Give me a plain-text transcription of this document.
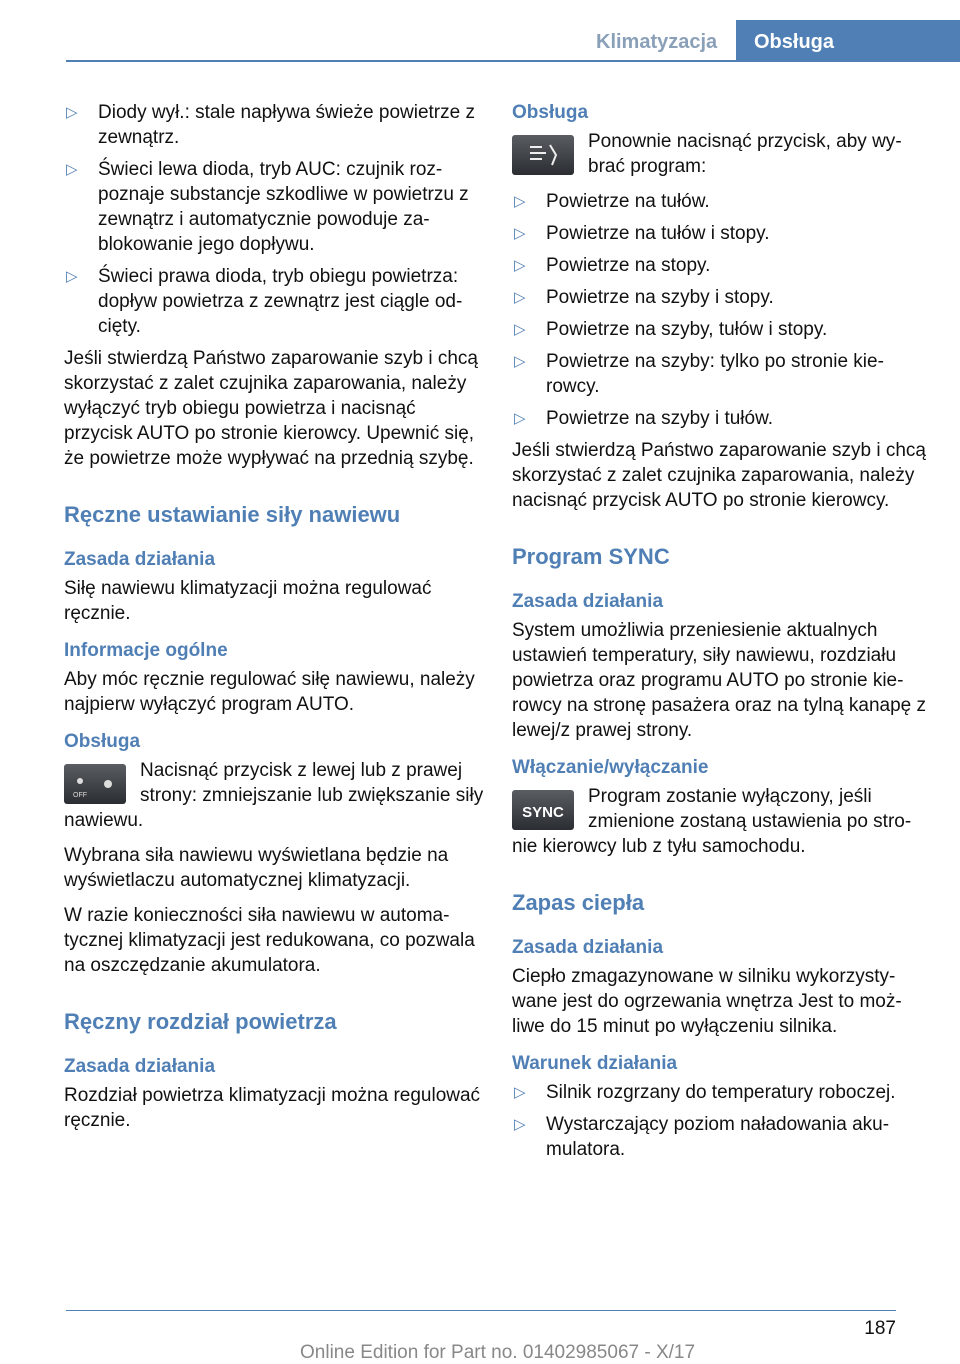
Klimatyzacja	Obsługa
▷ Diody wył.: stale napływa świeże powietrze z zewnątrz.
▷ Świeci lewa dioda, tryb AUC: czujnik rozpoznaje substancje szkodliwe w powietrzu z zewnątrz i automatycznie powoduje zablokowanie jego dopływu.
▷ Świeci prawa dioda, tryb obiegu powietrza: dopływ powietrza z zewnątrz jest ciągle odcięty.
Jeśli stwierdzą Państwo zaparowanie szyb i chcą skorzystać z zalet czujnika zaparowania, należy wyłączyć tryb obiegu powietrza i nacisnąć przycisk AUTO po stronie kierowcy. Upewnić się, że powietrze może wypływać na przednią szybę.
Ręczne ustawianie siły nawiewu
Zasada działania
Siłę nawiewu klimatyzacji można regulować ręcznie.
Informacje ogólne
Aby móc ręcznie regulować siłę nawiewu, należy najpierw wyłączyć program AUTO.
Obsługa
OFF
Nacisnąć przycisk z lewej lub z prawej strony: zmniejszanie lub zwiększanie siły nawiewu.
Wybrana siła nawiewu wyświetlana będzie na wyświetlaczu automatycznej klimatyzacji.
W razie konieczności siła nawiewu w automatycznej klimatyzacji jest redukowana, co pozwala na oszczędzanie akumulatora.
Ręczny rozdział powietrza
Zasada działania
Rozdział powietrza klimatyzacji można regulować ręcznie.
Obsługa
Ponownie nacisnąć przycisk, aby wybrać program:
▷ Powietrze na tułów.
▷ Powietrze na tułów i stopy.
▷ Powietrze na stopy.
▷ Powietrze na szyby i stopy.
▷ Powietrze na szyby, tułów i stopy.
▷ Powietrze na szyby: tylko po stronie kierowcy.
▷ Powietrze na szyby i tułów.
Jeśli stwierdzą Państwo zaparowanie szyb i chcą skorzystać z zalet czujnika zaparowania, należy nacisnąć przycisk AUTO po stronie kierowcy.
Program SYNC
Zasada działania
System umożliwia przeniesienie aktualnych ustawień temperatury, siły nawiewu, rozdziału powietrza oraz programu AUTO po stronie kierowcy na stronę pasażera oraz na tylną kanapę z lewej/z prawej strony.
Włączanie/wyłączanie
SYNC
Program zostanie wyłączony, jeśli zmienione zostaną ustawienia po stronie kierowcy lub z tyłu samochodu.
Zapas ciepła
Zasada działania
Ciepło zmagazynowane w silniku wykorzystywane jest do ogrzewania wnętrza Jest to możliwe do 15 minut po wyłączeniu silnika.
Warunek działania
▷ Silnik rozgrzany do temperatury roboczej.
▷ Wystarczający poziom naładowania akumulatora.
187
Online Edition for Part no. 01402985067 - X/17
